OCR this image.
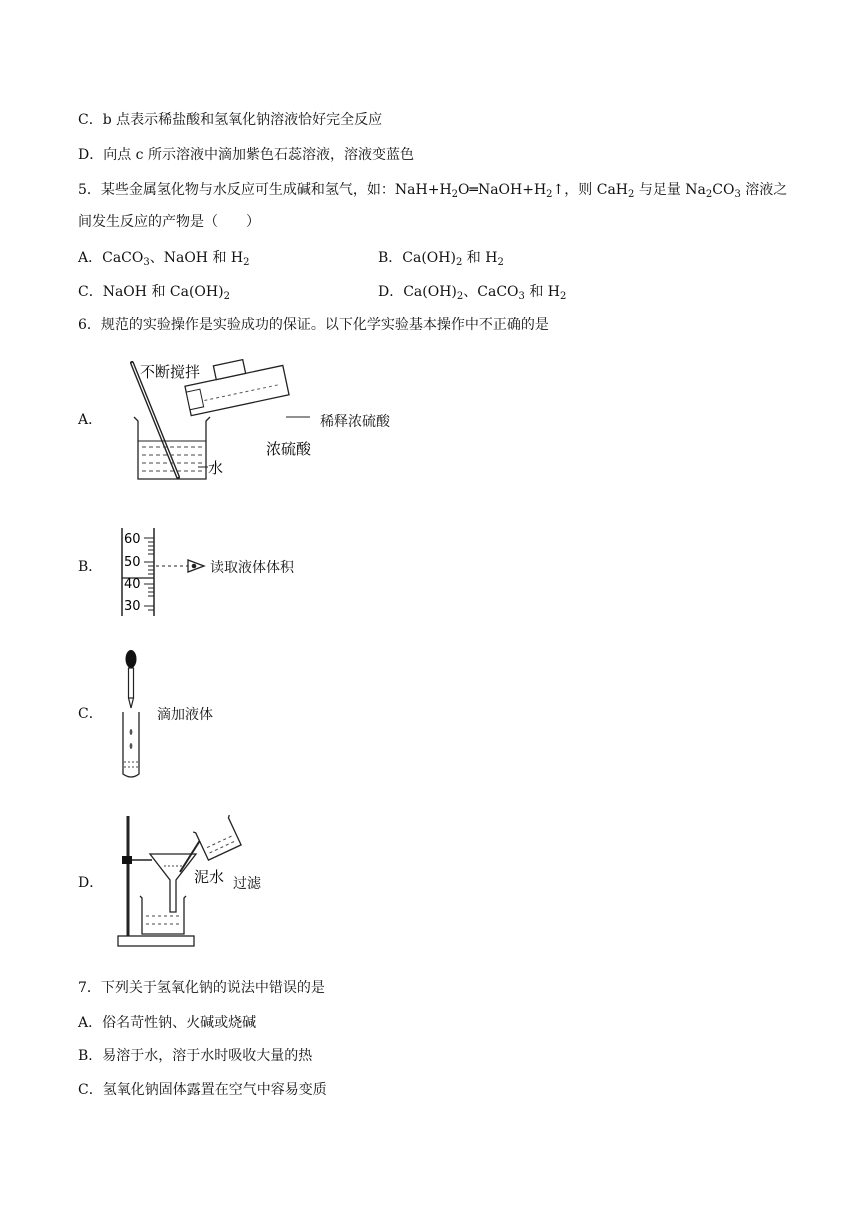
C．b 点表示稀盐酸和氢氧化钠溶液恰好完全反应
D．向点 c 所示溶液中滴加紫色石蕊溶液，溶液变蓝色
5．某些金属氢化物与水反应可生成碱和氢气，如：$NaH+H_2O═NaOH+H_2↑$，则 CaH$_2$ 与足量 $Na_2CO_3$ 溶液之
间发生反应的产物是（　　）
A．CaCO$_3$、NaOH 和 $H_2$	B．$Ca(OH)_2$ 和 $H_2$
C．NaOH 和 $Ca(OH)_2$	D．$Ca(OH)_2$、CaCO$_3$ 和 $H_2$
6．规范的实验操作是实验成功的保证。以下化学实验基本操作中不正确的是
A．
不断搅拌
浓硫酸
水
稀释浓硫酸
B．
60
50
40
30
读取液体体积
C．	滴加液体
D．	泥水 过滤
7．下列关于氢氧化钠的说法中错误的是
A．俗名苛性钠、火碱或烧碱
B．易溶于水，溶于水时吸收大量的热
C．氢氧化钠固体露置在空气中容易变质
